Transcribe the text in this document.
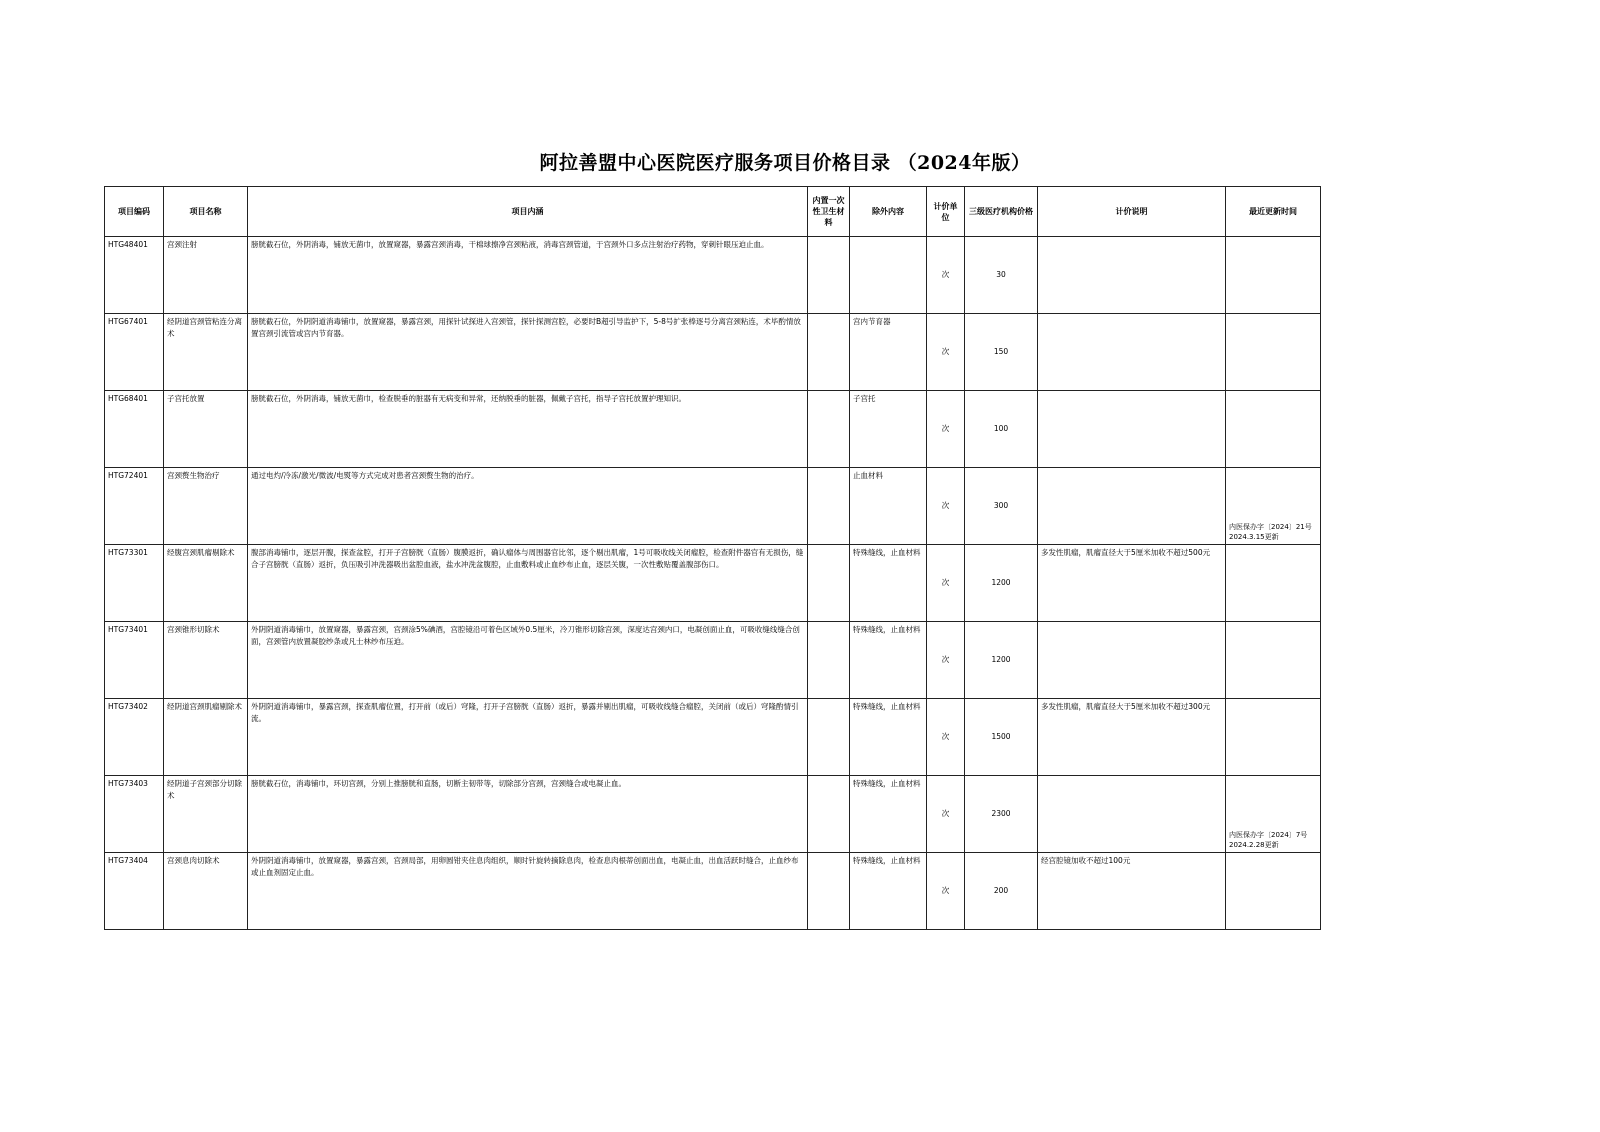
阿拉善盟中心医院医疗服务项目价格目录 （2024年版）
项目编码	项目名称	项目内涵	内置一次性卫生材料	除外内容	计价单位	三级医疗机构价格	计价说明	最近更新时间
HTG48401	宫颈注射	膀胱截石位，外阴消毒，铺放无菌巾，放置窥器，暴露宫颈消毒，干棉球擦净宫颈粘液，消毒宫颈管道，于宫颈外口多点注射治疗药物，穿刺针眼压迫止血。			次	30		
HTG67401	经阴道宫颈管粘连分离术	膀胱截石位，外阴阴道消毒铺巾，放置窥器，暴露宫颈，用探针试探进入宫颈管，探针探测宫腔，必要时B超引导监护下，5-8号扩张棒逐号分离宫颈粘连，术毕酌情放置宫颈引流管或宫内节育器。		宫内节育器	次	150		
HTG68401	子宫托放置	膀胱截石位，外阴消毒，铺放无菌巾，检查脱垂的脏器有无病变和异常，还纳脱垂的脏器，佩戴子宫托，指导子宫托放置护理知识。		子宫托	次	100		
HTG72401	宫颈赘生物治疗	通过电灼/冷冻/激光/微波/电熨等方式完成对患者宫颈赘生物的治疗。		止血材料	次	300		内医保办字〔2024〕21号 2024.3.15更新
HTG73301	经腹宫颈肌瘤剔除术	腹部消毒铺巾，逐层开腹，探查盆腔，打开子宫膀胱（直肠）腹膜返折，确认瘤体与周围器官比邻，逐个剔出肌瘤，1号可吸收线关闭瘤腔，检查附件器官有无损伤，缝合子宫膀胱（直肠）返折，负压吸引冲洗器吸出盆腔血液，盐水冲洗盆腹腔，止血敷料或止血纱布止血，逐层关腹，一次性敷贴覆盖腹部伤口。		特殊缝线，止血材料	次	1200	多发性肌瘤，肌瘤直径大于5厘米加收不超过500元	
HTG73401	宫颈锥形切除术	外阴阴道消毒铺巾，放置窥器，暴露宫颈，宫颈涂5%碘酒，宫腔镜沿可着色区域外0.5厘米，冷刀锥形切除宫颈，深度达宫颈内口，电凝创面止血，可吸收缝线缝合创面，宫颈管内放置凝胶纱条或凡士林纱布压迫。		特殊缝线，止血材料	次	1200		
HTG73402	经阴道宫颈肌瘤剔除术	外阴阴道消毒铺巾，暴露宫颈，探查肌瘤位置，打开前（或后）穹隆，打开子宫膀胱（直肠）返折，暴露并剔出肌瘤，可吸收线缝合瘤腔，关闭前（或后）穹隆酌情引流。		特殊缝线，止血材料	次	1500	多发性肌瘤，肌瘤直径大于5厘米加收不超过300元	
HTG73403	经阴道子宫颈部分切除术	膀胱截石位，消毒铺巾，环切宫颈，分别上推膀胱和直肠，切断主韧带等，切除部分宫颈，宫颈缝合或电凝止血。		特殊缝线，止血材料	次	2300		内医保办字〔2024〕7号 2024.2.28更新
HTG73404	宫颈息肉切除术	外阴阴道消毒铺巾，放置窥器，暴露宫颈，宫颈局部，用卵圆钳夹住息肉组织，顺时针旋转摘除息肉，检查息肉根蒂创面出血，电凝止血，出血活跃时缝合，止血纱布或止血剂固定止血。		特殊缝线，止血材料	次	200	经宫腔镜加收不超过100元	
